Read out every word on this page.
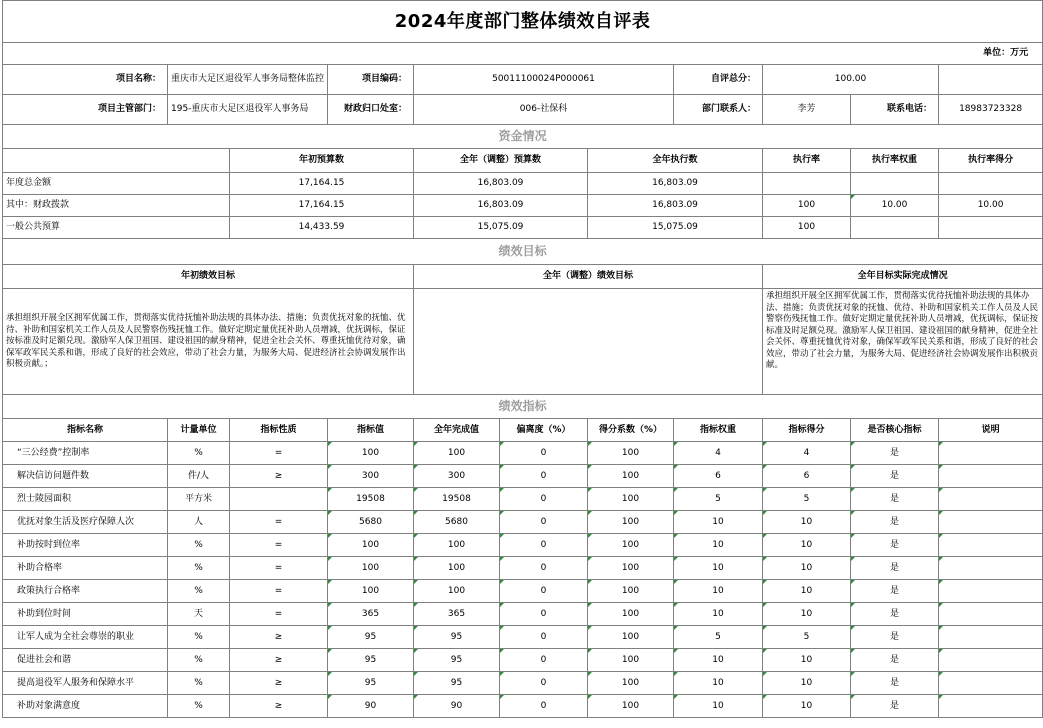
2024年度部门整体绩效自评表										
单位：万元										
项目名称：	重庆市大足区退役军人事务局整体监控		项目编码：	50011100024P000061			自评总分：	100.00		
项目主管部门：	195-重庆市大足区退役军人事务局		财政归口处室：	006-社保科			部门联系人：	李芳	联系电话：	18983723328
资金情况										
		年初预算数		全年（调整）预算数		全年执行数		执行率	执行率权重	执行率得分
年度总金额		17,164.15		16,803.09		16,803.09				
其中：财政拨款		17,164.15		16,803.09		16,803.09		100	10.00	10.00
一般公共预算		14,433.59		15,075.09		15,075.09		100		
绩效目标										
年初绩效目标				全年（调整）绩效目标				全年目标实际完成情况		
承担组织开展全区拥军优属工作，贯彻落实优待抚恤补助法规的具体办法、措施；负责优抚对象的抚恤、优待、补助和国家机关工作人员及人民警察伤残抚恤工作。做好定期定量优抚补助人员增减，优抚调标，保证按标准及时足额兑现。激励军人保卫祖国、建设祖国的献身精神，促进全社会关怀、尊重抚恤优待对象，确保军政军民关系和谐，形成了良好的社会效应，带动了社会力量，为服务大局、促进经济社会协调发展作出积极贡献。；								承担组织开展全区拥军优属工作，贯彻落实优待抚恤补助法规的具体办法、措施；负责优抚对象的抚恤、优待、补助和国家机关工作人员及人民警察伤残抚恤工作。做好定期定量优抚补助人员增减，优抚调标，保证按标准及时足额兑现。激励军人保卫祖国、建设祖国的献身精神，促进全社会关怀、尊重抚恤优待对象，确保军政军民关系和谐，形成了良好的社会效应，带动了社会力量，为服务大局、促进经济社会协调发展作出积极贡献。		
绩效指标										
指标名称	计量单位	指标性质	指标值	全年完成值	偏离度（%）	得分系数（%）	指标权重	指标得分	是否核心指标	说明
“三公经费”控制率	%	=	100	100	0	100	4	4	是	
解决信访问题件数	件/人	≥	300	300	0	100	6	6	是	
烈士陵园面积	平方米		19508	19508	0	100	5	5	是	
优抚对象生活及医疗保障人次	人	=	5680	5680	0	100	10	10	是	
补助按时到位率	%	=	100	100	0	100	10	10	是	
补助合格率	%	=	100	100	0	100	10	10	是	
政策执行合格率	%	=	100	100	0	100	10	10	是	
补助到位时间	天	=	365	365	0	100	10	10	是	
让军人成为全社会尊崇的职业	%	≥	95	95	0	100	5	5	是	
促进社会和谐	%	≥	95	95	0	100	10	10	是	
提高退役军人服务和保障水平	%	≥	95	95	0	100	10	10	是	
补助对象满意度	%	≥	90	90	0	100	10	10	是	
